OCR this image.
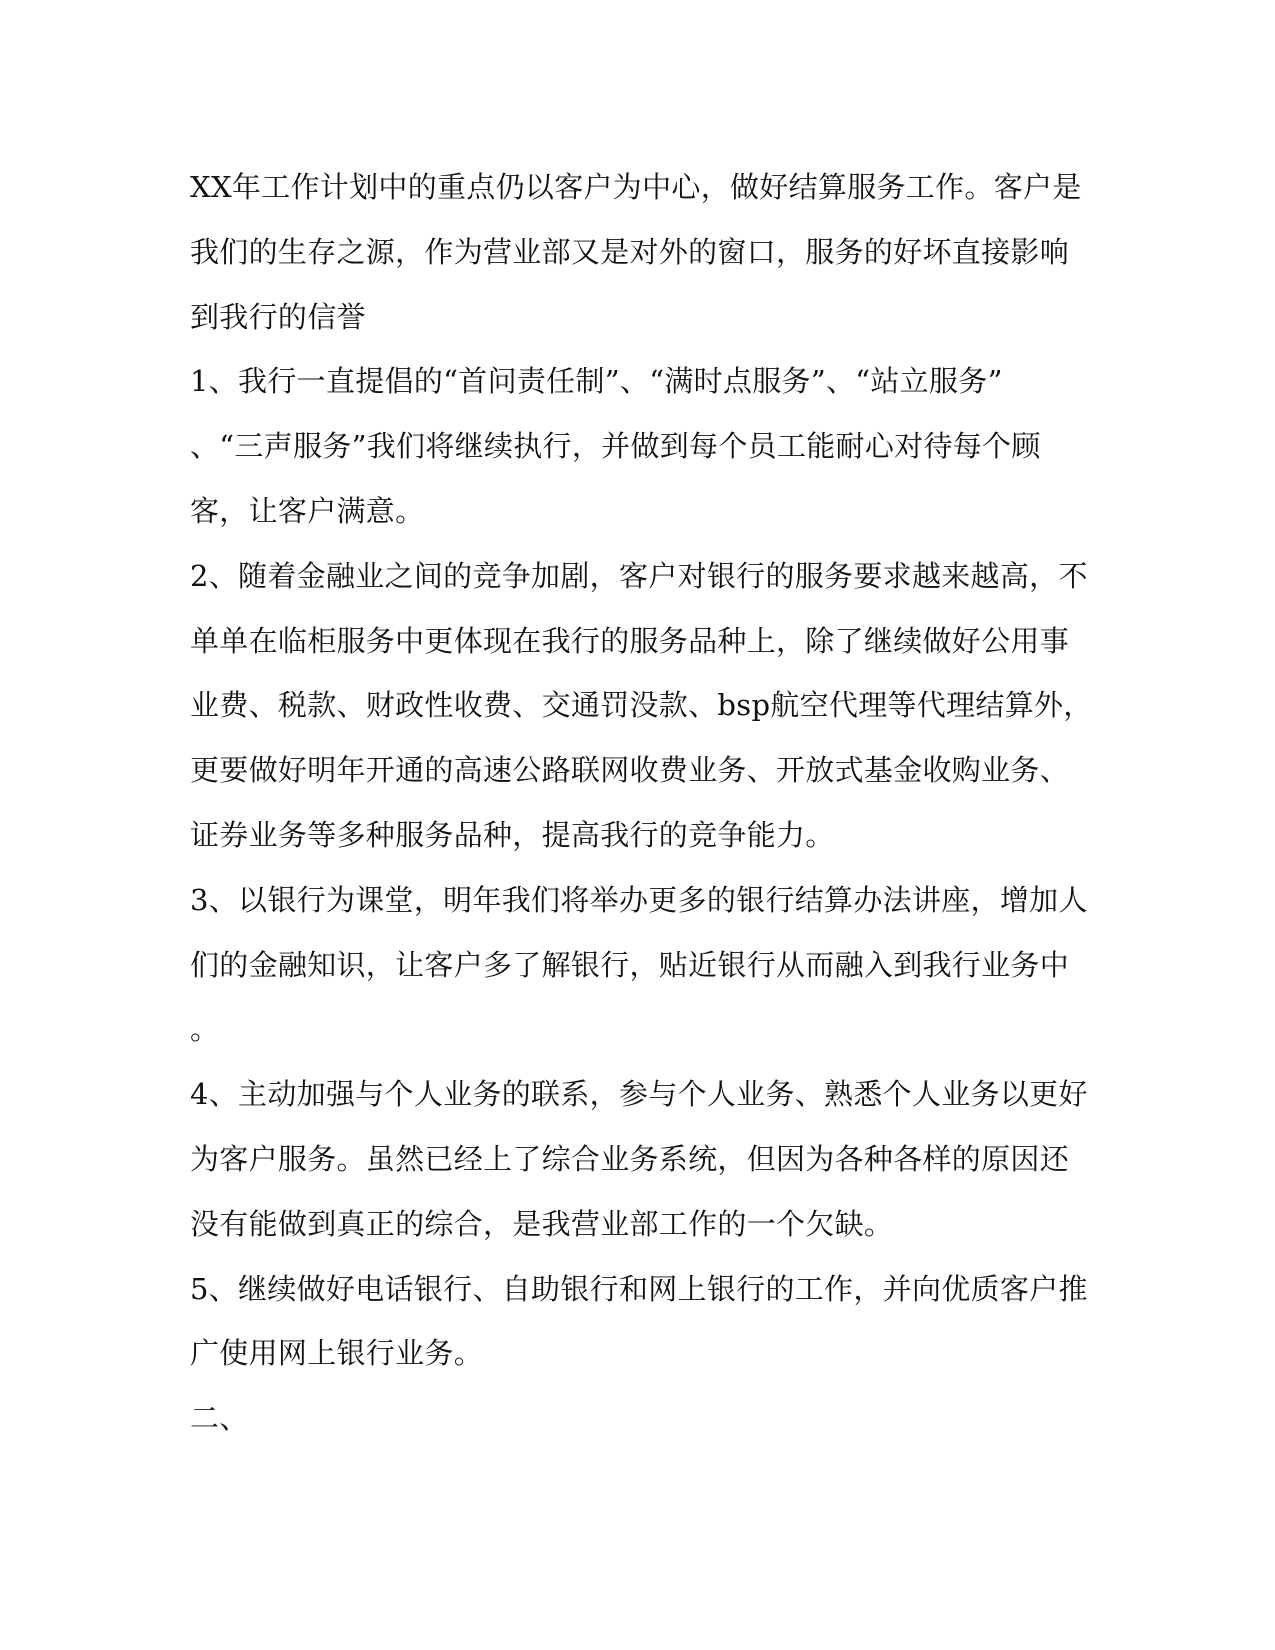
XX年工作计划中的重点仍以客户为中心，做好结算服务工作。客户是
我们的生存之源，作为营业部又是对外的窗口，服务的好坏直接影响
到我行的信誉
1、我行一直提倡的“首问责任制”、“满时点服务”、“站立服务”
、“三声服务”我们将继续执行，并做到每个员工能耐心对待每个顾
客，让客户满意。
2、随着金融业之间的竞争加剧，客户对银行的服务要求越来越高，不
单单在临柜服务中更体现在我行的服务品种上，除了继续做好公用事
业费、税款、财政性收费、交通罚没款、bsp航空代理等代理结算外，
更要做好明年开通的高速公路联网收费业务、开放式基金收购业务、
证券业务等多种服务品种，提高我行的竞争能力。
3、以银行为课堂，明年我们将举办更多的银行结算办法讲座，增加人
们的金融知识，让客户多了解银行，贴近银行从而融入到我行业务中
。
4、主动加强与个人业务的联系，参与个人业务、熟悉个人业务以更好
为客户服务。虽然已经上了综合业务系统，但因为各种各样的原因还
没有能做到真正的综合，是我营业部工作的一个欠缺。
5、继续做好电话银行、自助银行和网上银行的工作，并向优质客户推
广使用网上银行业务。
二、
